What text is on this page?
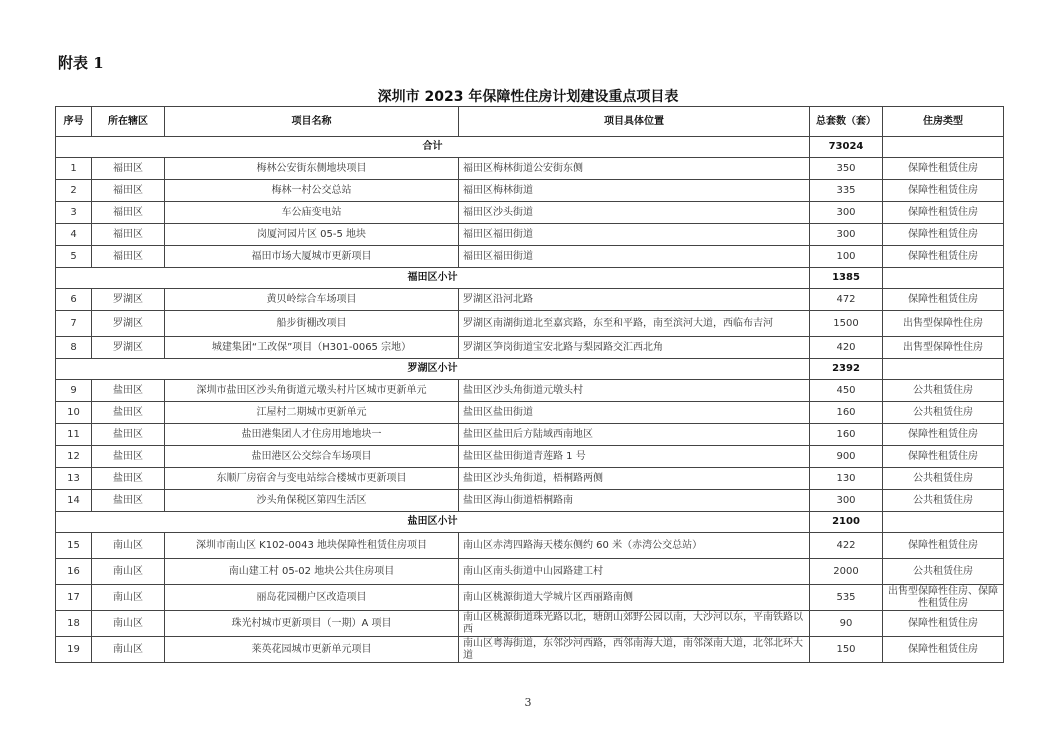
附表 1
深圳市 2023 年保障性住房计划建设重点项目表
序号	所在辖区	项目名称	项目具体位置	总套数（套）	住房类型
合计				73024	
1	福田区	梅林公安街东侧地块项目	福田区梅林街道公安街东侧	350	保障性租赁住房
2	福田区	梅林一村公交总站	福田区梅林街道	335	保障性租赁住房
3	福田区	车公庙变电站	福田区沙头街道	300	保障性租赁住房
4	福田区	岗厦河园片区 05-5 地块	福田区福田街道	300	保障性租赁住房
5	福田区	福田市场大厦城市更新项目	福田区福田街道	100	保障性租赁住房
福田区小计				1385	
6	罗湖区	黄贝岭综合车场项目	罗湖区沿河北路	472	保障性租赁住房
7	罗湖区	船步街棚改项目	罗湖区南湖街道北至嘉宾路，东至和平路，南至滨河大道，西临布吉河	1500	出售型保障性住房
8	罗湖区	城建集团“工改保”项目（H301-0065 宗地）	罗湖区笋岗街道宝安北路与梨园路交汇西北角	420	出售型保障性住房
罗湖区小计				2392	
9	盐田区	深圳市盐田区沙头角街道元墩头村片区城市更新单元	盐田区沙头角街道元墩头村	450	公共租赁住房
10	盐田区	江屋村二期城市更新单元	盐田区盐田街道	160	公共租赁住房
11	盐田区	盐田港集团人才住房用地地块一	盐田区盐田后方陆域西南地区	160	保障性租赁住房
12	盐田区	盐田港区公交综合车场项目	盐田区盐田街道青莲路 1 号	900	保障性租赁住房
13	盐田区	东顺厂房宿舍与变电站综合楼城市更新项目	盐田区沙头角街道，梧桐路两侧	130	公共租赁住房
14	盐田区	沙头角保税区第四生活区	盐田区海山街道梧桐路南	300	公共租赁住房
盐田区小计				2100	
15	南山区	深圳市南山区 K102-0043 地块保障性租赁住房项目	南山区赤湾四路海天楼东侧约 60 米（赤湾公交总站）	422	保障性租赁住房
16	南山区	南山建工村 05-02 地块公共住房项目	南山区南头街道中山园路建工村	2000	公共租赁住房
17	南山区	丽岛花园棚户区改造项目	南山区桃源街道大学城片区西丽路南侧	535	出售型保障性住房、保障性租赁住房
18	南山区	珠光村城市更新项目（一期）A 项目	南山区桃源街道珠光路以北，塘朗山郊野公园以南，大沙河以东，平南铁路以西	90	保障性租赁住房
19	南山区	莱英花园城市更新单元项目	南山区粤海街道，东邻沙河西路，西邻南海大道，南邻深南大道，北邻北环大道	150	保障性租赁住房
3
